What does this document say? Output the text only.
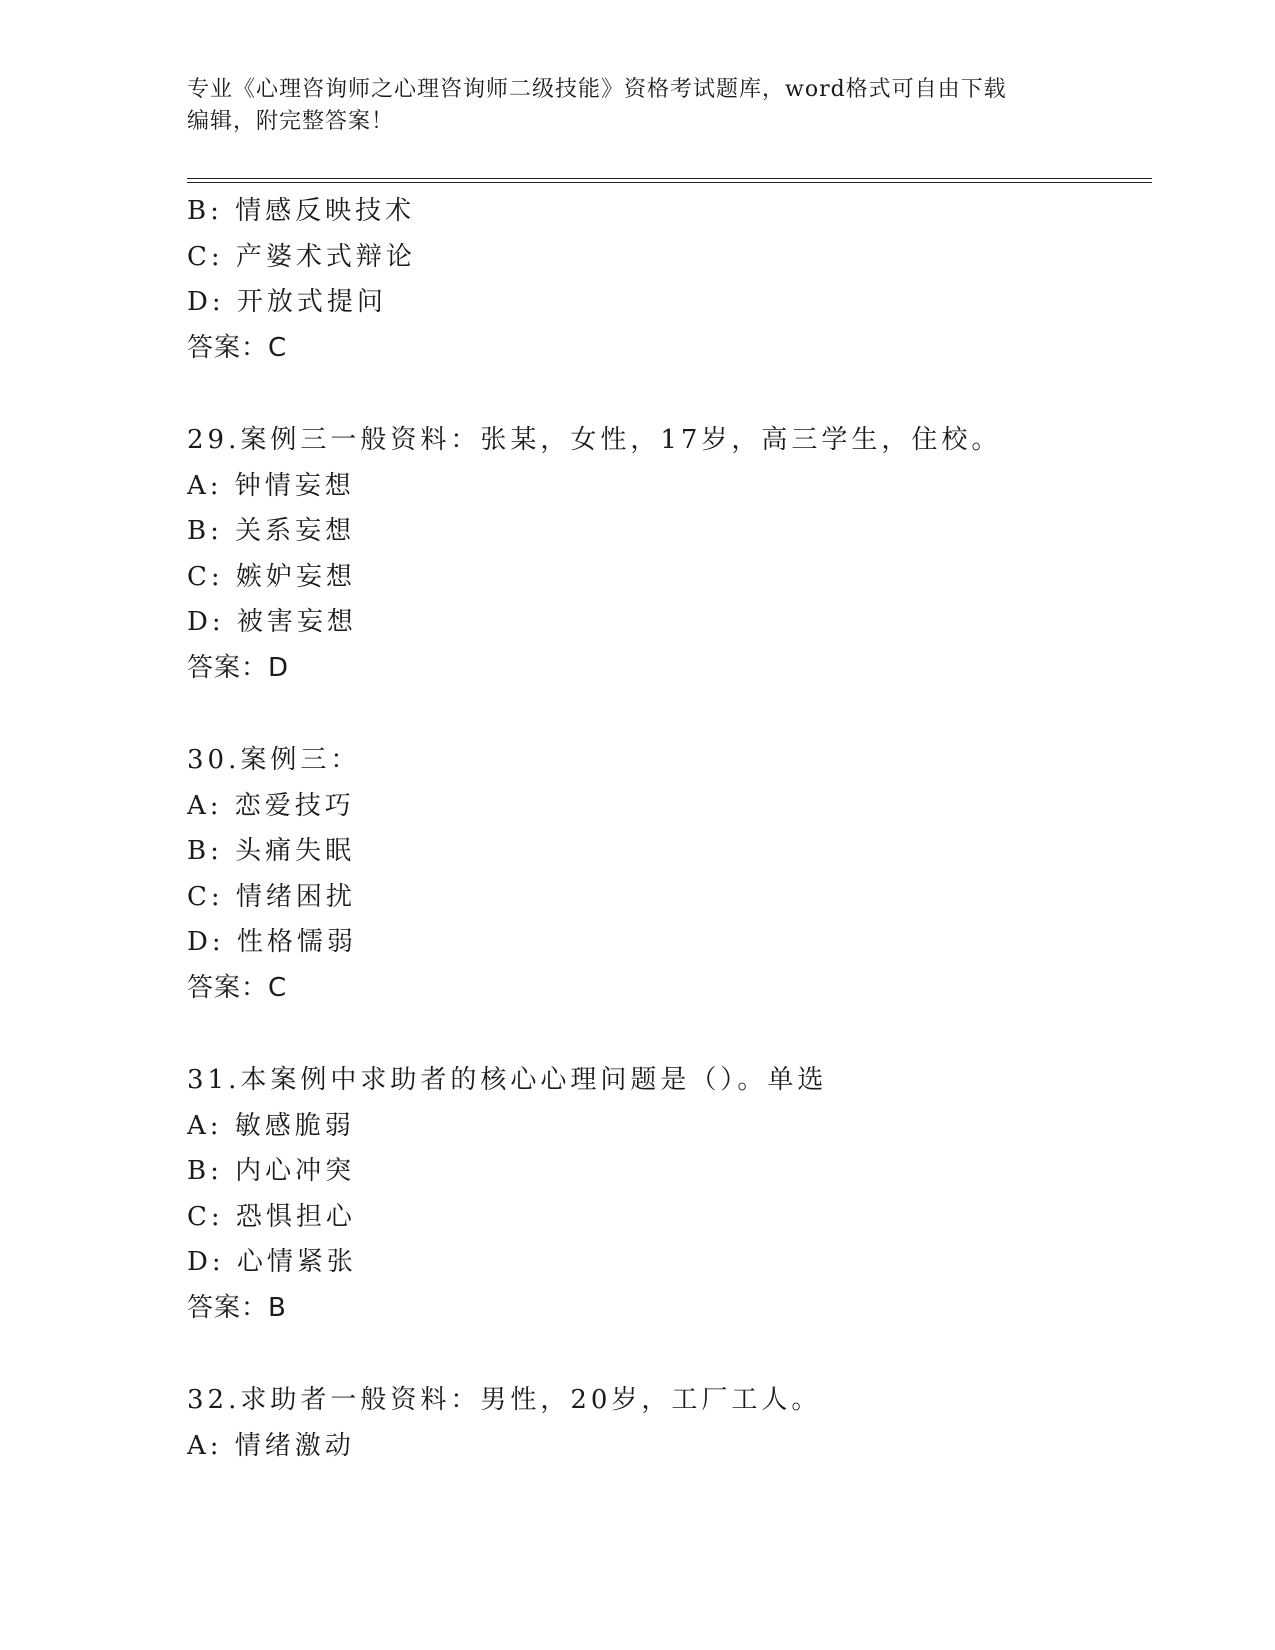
专业《心理咨询师之心理咨询师二级技能》资格考试题库，word格式可自由下载
编辑，附完整答案！
B: 情感反映技术
C: 产婆术式辩论
D: 开放式提问
答案：C
29.案例三一般资料：张某，女性，17岁，高三学生，住校。
A: 钟情妄想
B: 关系妄想
C: 嫉妒妄想
D: 被害妄想
答案：D
30.案例三：
A: 恋爱技巧
B: 头痛失眠
C: 情绪困扰
D: 性格懦弱
答案：C
31.本案例中求助者的核心心理问题是（）。单选
A: 敏感脆弱
B: 内心冲突
C: 恐惧担心
D: 心情紧张
答案：B
32.求助者一般资料：男性，20岁，工厂工人。
A: 情绪激动
